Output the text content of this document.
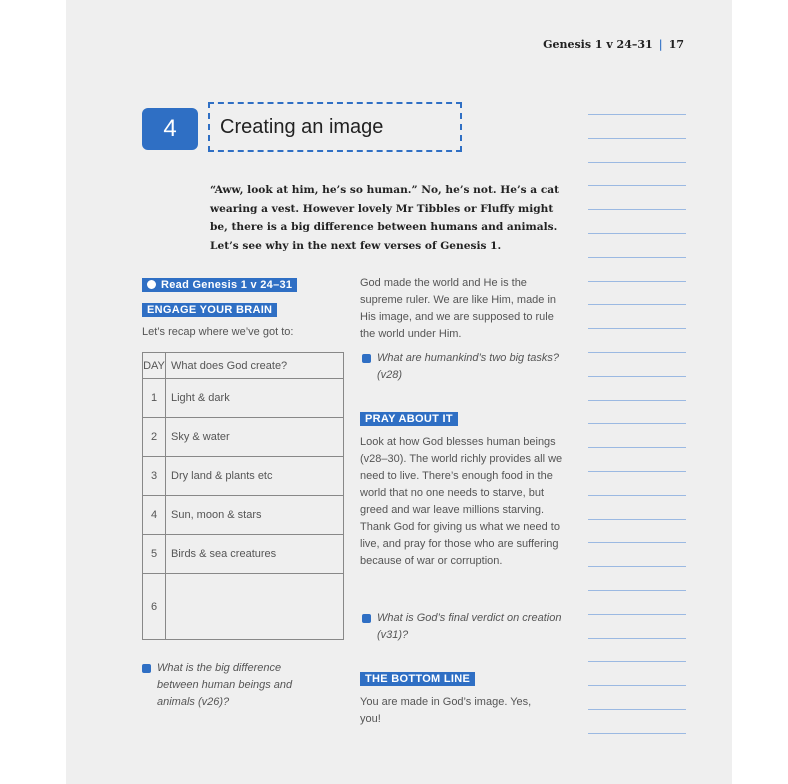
Genesis 1 v 24–31 | 17
4	Creating an image
“Aww, look at him, he’s so human.” No, he’s not. He’s a cat wearing a vest. However lovely Mr Tibbles or Fluffy might be, there is a big difference between humans and animals. Let’s see why in the next few verses of Genesis 1.
Read Genesis 1 v 24–31
ENGAGE YOUR BRAIN
Let’s recap where we’ve got to:
DAY	What does God create?
1	Light & dark
2	Sky & water
3	Dry land & plants etc
4	Sun, moon & stars
5	Birds & sea creatures
6	
What is the big difference between human beings and animals (v26)?
God made the world and He is the supreme ruler. We are like Him, made in His image, and we are supposed to rule the world under Him.
What are humankind’s two big tasks? (v28)
PRAY ABOUT IT
Look at how God blesses human beings (v28–30). The world richly provides all we need to live. There’s enough food in the world that no one needs to starve, but greed and war leave millions starving. Thank God for giving us what we need to live, and pray for those who are suffering because of war or corruption.
What is God’s final verdict on creation (v31)?
THE BOTTOM LINE
You are made in God’s image. Yes, you!
